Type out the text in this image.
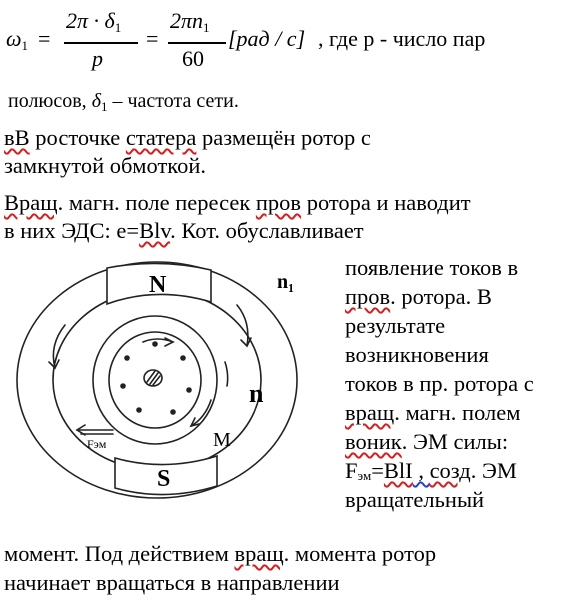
$\omega_1$ =
$2\pi \cdot \delta_1$
p
=
$2\pi n_1$
60
[рад / с] , где р - число пар
полюсов, $\delta_1$ – частота сети.
вВ росточке статера размещён ротор с
замкнутой обмоткой.
Вращ. магн. поле пересек пров ротора и наводит
в них ЭДС: е=Blv. Кот. обуславливает
появление токов в
пров. ротора. В
результате
возникновения
токов в пр. ротора с
вращ. магн. полем
воник. ЭМ силы:
Fэм=BlI , созд. ЭМ
вращательный
момент. Под действием вращ. момента ротор
начинает вращаться в направлении
N
S
n₁
n
M
Fэм
